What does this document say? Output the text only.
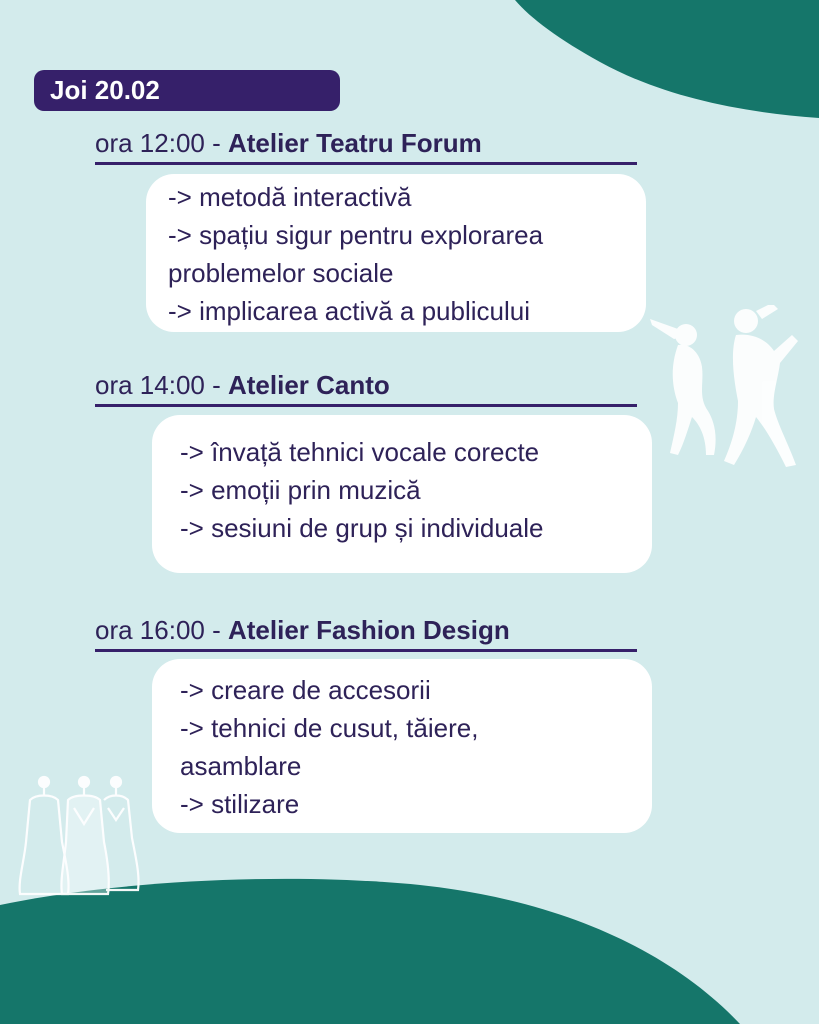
Joi 20.02
ora 12:00 - Atelier Teatru Forum
-> metodă interactivă
-> spațiu sigur pentru explorarea
problemelor sociale
-> implicarea activă a publicului
ora 14:00 - Atelier Canto
-> învață tehnici vocale corecte
-> emoții prin muzică
-> sesiuni de grup și individuale
ora 16:00 - Atelier Fashion Design
-> creare de accesorii
-> tehnici de cusut, tăiere,
asamblare
-> stilizare
